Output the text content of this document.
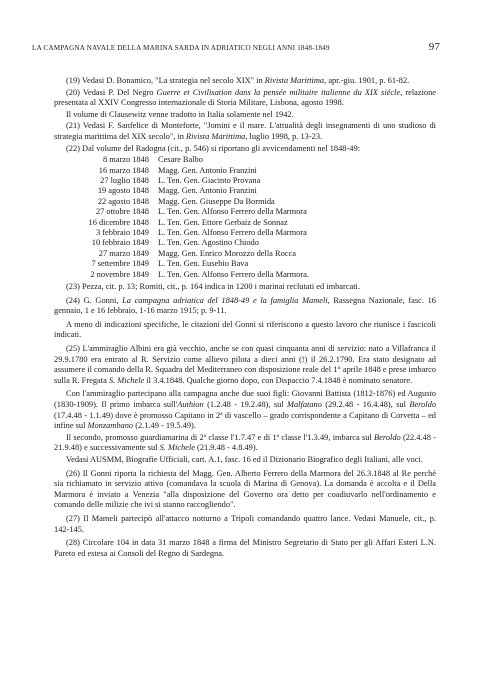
LA CAMPAGNA NAVALE DELLA MARINA SARDA IN ADRIATICO NEGLI ANNI 1848-1849	97

(19) Vedasi D. Bonamico, "La strategia nel secolo XIX" in Rivista Marittima, apr.-giu. 1901, p. 61-82.

(20) Vedasi P. Del Negro Guerre et Civilisation dans la pensée militaire italienne du XIX siécle, relazione presentata al XXIV Congresso internazionale di Storia Militare, Lisbona, agosto 1998.

Il volume di Clausewitz venne tradotto in Italia solamente nel 1942.

(21) Vedasi F. Sanfelice di Monteforte, "Jomini e il mare. L'attualità degli insegnamenti di uno studioso di strategia marittima del XIX secolo", in Rivista Marittima, luglio 1998, p. 13-23.

(22) Dal volume del Radogna (cit., p. 546) si riportano gli avvicendamenti nel 1848-49:

8 marzo 1848	Cesare Balbo
16 marzo 1848	Magg. Gen. Antonio Franzini
27 luglio 1848	L. Ten. Gen. Giacinto Provana
19 agosto 1848	Magg. Gen. Antonio Franzini
22 agosto 1848	Magg. Gen. Giuseppe Da Bormida
27 ottobre 1848	L. Ten. Gen. Alfonso Ferrero della Marmora
16 dicembre 1848	L. Ten. Gen. Ettore Gerbaiz de Sonnaz
3 febbraio 1849	L. Ten. Gen. Alfonso Ferrero della Marmora
10 febbraio 1849	L. Ten. Gen. Agostino Chiodo
27 marzo 1849	Magg. Gen. Enrico Morozzo della Rocca
7 settembre 1849	L. Ten. Gen. Eusebio Bava
2 novembre 1849	L. Ten. Gen. Alfonso Ferrero della Marmora.

(23) Pezza, cit. p. 13; Romiti, cit., p. 164 indica in 1200 i marinai reclutati ed imbarcati.

(24) G. Gonni, La campagna adriatica del 1848-49 e la famiglia Mameli, Rassegna Nazionale, fasc. 16 gennaio, 1 e 16 febbraio, 1-16 marzo 1915; p. 9-11.

A meno di indicazioni specifiche, le citazioni del Gonni si riferiscono a questo lavoro che riunisce i fascicoli indicati.

(25) L'ammiraglio Albini era già vecchio, anche se con quasi cinquanta anni di servizio: nato a Villafranca il 29.9.1780 era entrato al R. Servizio come allievo pilota a dieci anni (!) il 26.2.1790. Era stato designato ad assumere il comando della R. Squadra del Mediterraneo con disposizione reale del 1° aprile 1848 e prese imbarco sulla R. Fregata S. Michele il 3.4.1848. Qualche giorno dopo, con Dispaccio 7.4.1848 è nominato senatore.

Con l'ammiraglio partecipano alla campagna anche due suoi figli: Giovanni Battista (1812-1876) ed Augusto (1830-1909). Il primo imbarca sull'Authion (1.2.48 - 19.2.48), sul Malfatano (29.2.48 - 16.4.48), sul Beroldo (17.4.48 - 1.1.49) dove è promosso Capitano in 2ª di vascello – grado corrispondente a Capitano di Corvetta – ed infine sul Monzambano (2.1.49 - 19.5.49).

Il secondo, promosso guardiamarina di 2ª classe l'1.7.47 e di 1ª classe l'1.3.49, imbarca sul Beroldo (22.4.48 - 21.9.48) e successivamente sul S. Michele (21.9.48 - 4.8.49).

Vedasi AUSMM, Biografie Ufficiali, cart. A.1, fasc. 16 ed il Dizionario Biografico degli Italiani, alle voci.

(26) Il Gonni riporta la richiesta del Magg. Gen. Alberto Ferrero della Marmora del 26.3.1848 al Re perché sia richiamato in servizio attivo (comandava la scuola di Marina di Genova). La domanda è accolta e il Della Marmora è inviato a Venezia "alla disposizione del Governo ora detto per coadiuvarlo nell'ordinamento e comando delle milizie che ivi si stanno raccogliendo".

(27) Il Mameli partecipò all'attacco notturno a Tripoli comandando quattro lance. Vedasi Manuele, cit., p. 142-145.

(28) Circolare 104 in data 31 marzo 1848 a firma del Ministro Segretario di Stato per gli Affari Esteri L.N. Pareto ed estesa ai Consoli del Regno di Sardegna.
